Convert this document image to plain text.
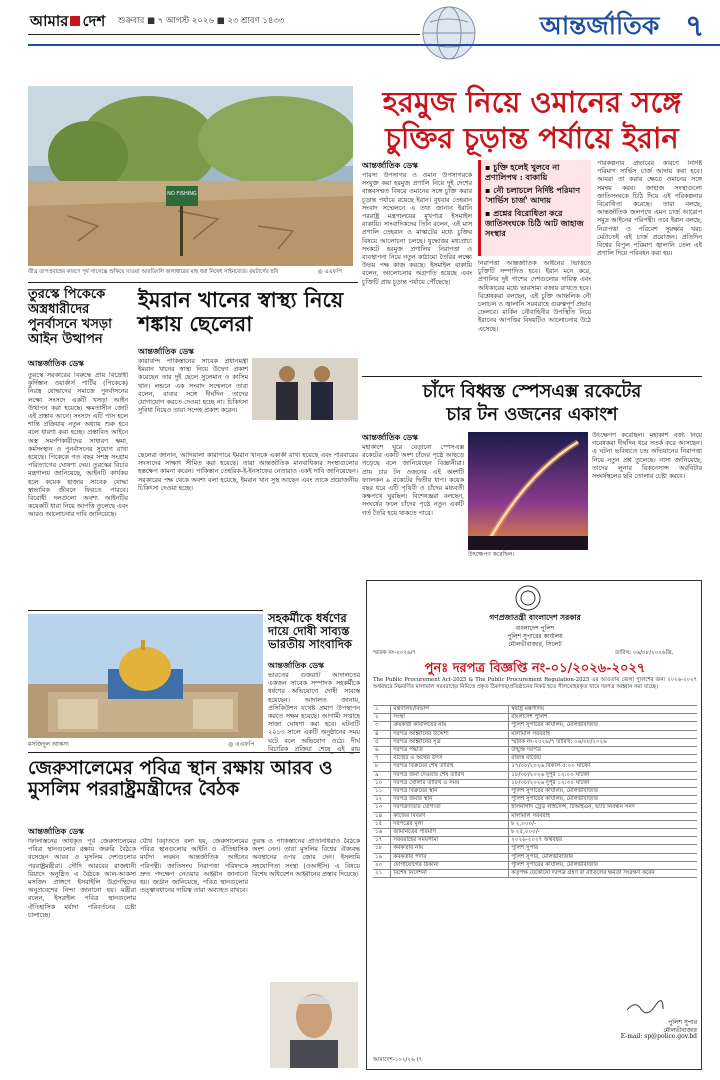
আমার দেশ শুক্রবার ■ ৭ আগস্ট ২০২৬ ■ ২৩ শ্রাবণ ১৪৩৩	আন্তর্জাতিক ৭
NO FISHING
তীব্র তাপপ্রবাহের কারণে পূর্ব সাসেক্সে শুকিয়ে যাওয়া আরডিংলি জলাধারের মাছ ধরা নিষেধ সাইনবোর্ড। রয়টার্সের ছবি	◎ এএফপি
হরমুজ নিয়ে ওমানের সঙ্গে
চুক্তির চূড়ান্ত পর্যায়ে ইরান
আন্তর্জাতিক ডেস্ক
পারস্য উপসাগর ও ওমান উপসাগরকে সংযুক্ত করা হরমুজ প্রণালি নিয়ে দুই দেশের বাস্তবসম্মত বিষয়ে ওমানের সঙ্গে চুক্তি করার চূড়ান্ত পর্যায়ে রয়েছে ইরান। বুধবার তেহরান সংবাদ সম্মেলনে এ তথ্য জানান ইরানি পররাষ্ট্র মন্ত্রণালয়ের মুখপাত্র ইসমাইল বাকায়ি। সাংবাদিকদের তিনি বলেন, এই মাস প্রণালি তেহরান ও মাস্কাটের মধ্যে চুক্তির বিষয়ে আলোচনা চলছে। যুদ্ধোত্তর মধ্যপ্রাচ্য সংকটে হরমুজ প্রণালির নিরাপত্তা ও ব্যবস্থাপনা নিয়ে নতুন কাঠামো তৈরির লক্ষ্যে উভয় পক্ষ কাজ করছে। ইসমাইল বাকায়ি বলেন, আলোচনার অগ্রগতি হয়েছে এবং চুক্তিটি প্রায় চূড়ান্ত পর্যায়ে পৌঁছেছে।
▪ চুক্তি হলেই খুলবে না প্রণালিপথ : বাকায়ি
▪ নৌ চলাচলে নির্দিষ্ট পরিমাণ 'সার্ভিস চার্জ' আদায়
▪ প্রশ্নের বিরোধিতা করে জাতিসংঘকে চিঠি আট জাহাজ সংস্থার
নিরাপত্তা আন্তর্জাতিক আইনের ভিত্তিতে চুক্তিটি সম্পাদিত হবে। ইরান মনে করে, প্রণালির দুই পাশের দেশগুলোর দায়িত্ব এবং অধিকারের মধ্যে ভারসাম্য বজায় রাখতে হবে। বিশ্লেষকরা বলছেন, এই চুক্তি আঞ্চলিক নৌ চলাচল ও জ্বালানি সরবরাহে গুরুত্বপূর্ণ প্রভাব ফেলবে। মার্কিন নৌবাহিনীর উপস্থিতি নিয়ে ইরানের আপত্তির বিষয়টিও আলোচনায় উঠে এসেছে।
পরিকল্পনার প্রভাবের কারণে নির্দিষ্ট পরিমাণ সার্ভিস চার্জ আদায় করা হবে। আমরা তা করার ক্ষেত্রে ওমানের সঙ্গে সমন্বয় করব। জাহাজ সংস্থাগুলো জাতিসংঘকে চিঠি দিয়ে এই পরিকল্পনার বিরোধিতা করেছে। তারা বলছে, আন্তর্জাতিক জলপথে এমন চার্জ আরোপ সমুদ্র আইনের পরিপন্থী। তবে ইরান বলছে, নিরাপত্তা ও পরিবেশ সুরক্ষার খরচ মেটাতেই এই চার্জ প্রয়োজন। প্রতিদিন বিশ্বের বিপুল পরিমাণ জ্বালানি তেল এই প্রণালি দিয়ে পরিবহন করা হয়।
তুরস্কে পিকেকে অস্ত্রধারীদের পুনর্বাসনে খসড়া আইন উত্থাপন
আন্তর্জাতিক ডেস্ক
তুরস্কে সরকারের বিরুদ্ধে প্রায় বিদ্রোহী কুর্দিস্তান ওয়ার্কার্স পার্টির (পিকেকে) নিরস্ত্র যোদ্ধাদের সমাজে পুনর্বাসনের লক্ষ্যে সংসদে একটি খসড়া আইন উত্থাপন করা হয়েছে। ক্ষমতাসীন জোট এই প্রস্তাব আনে। সংসদে এটি পাস হলে শান্তি প্রক্রিয়ায় নতুন অধ্যায় শুরু হবে বলে ধারণা করা হচ্ছে। প্রস্তাবিত আইনে অস্ত্র সমর্পণকারীদের সাধারণ ক্ষমা, কর্মসংস্থান ও পুনর্বাসনের সুযোগ রাখা হয়েছে। পিকেকে গত বছর সশস্ত্র সংগ্রাম পরিত্যাগের ঘোষণা দেয়। তুরস্কের বিচার মন্ত্রণালয় জানিয়েছে, আইনটি কার্যকর হলে কয়েক হাজার সাবেক যোদ্ধা স্বাভাবিক জীবনে ফিরতে পারবে। বিরোধী দলগুলো অবশ্য আইনটির কয়েকটি ধারা নিয়ে আপত্তি তুলেছে এবং আরও আলোচনার দাবি জানিয়েছে।
ইমরান খানের স্বাস্থ্য নিয়ে শঙ্কায় ছেলেরা
আন্তর্জাতিক ডেস্ক
কারাবন্দি পাকিস্তানের সাবেক প্রধানমন্ত্রী ইমরান খানের স্বাস্থ্য নিয়ে উদ্বেগ প্রকাশ করেছেন তার দুই ছেলে সুলেমান ও কাসিম খান। লন্ডনে এক সংবাদ সম্মেলনে তারা বলেন, বাবার সঙ্গে দীর্ঘদিন তাদের যোগাযোগ করতে দেওয়া হচ্ছে না। চিকিৎসা সুবিধা নিয়েও তারা সন্দেহ প্রকাশ করেন।
ছেলেরা জানান, আদিয়ালা কারাগারে ইমরান খানকে একাকী রাখা হয়েছে এবং পরিবারের সদস্যদের সাক্ষাৎ সীমিত করা হয়েছে। তারা আন্তর্জাতিক মানবাধিকার সংস্থাগুলোর হস্তক্ষেপ কামনা করেন। পাকিস্তান তেহরিক-ই-ইনসাফের নেতারাও একই দাবি জানিয়েছেন। সরকারের পক্ষ থেকে অবশ্য বলা হয়েছে, ইমরান খান সুস্থ আছেন এবং তাকে প্রয়োজনীয় চিকিৎসা দেওয়া হচ্ছে।
চাঁদে বিধ্বস্ত স্পেসএক্স রকেটের
চার টন ওজনের একাংশ
আন্তর্জাতিক ডেস্ক
মহাকাশে ঘুরে বেড়ানো স্পেসএক্স রকেটের একটি অংশ চাঁদের পৃষ্ঠে আছড়ে পড়েছে বলে জানিয়েছেন বিজ্ঞানীরা। প্রায় চার টন ওজনের এই অংশটি ফ্যালকন ৯ রকেটের দ্বিতীয় ধাপ। কয়েক বছর ধরে এটি পৃথিবী ও চাঁদের মধ্যবর্তী কক্ষপথে ঘুরছিল। বিশেষজ্ঞরা বলছেন, সংঘর্ষের ফলে চাঁদের পৃষ্ঠে নতুন একটি গর্ত তৈরি হয়ে থাকতে পারে।
উৎক্ষেপণ করেছিল।
উৎক্ষেপণ করেছিল। মহাকাশ বর্জ্য নিয়ে গবেষকরা দীর্ঘদিন ধরে সতর্ক করে আসছেন। এ ঘটনা ভবিষ্যতে চন্দ্র অভিযানের নিরাপত্তা নিয়ে নতুন প্রশ্ন তুলেছে। নাসা জানিয়েছে, তাদের লুনার রিকনেসান্স অরবিটার সংঘর্ষস্থলের ছবি তোলার চেষ্টা করবে।
মসজিদুল আকসা	◎ এএফপি
সহকর্মীকে ধর্ষণের দায়ে দোষী সাব্যস্ত ভারতীয় সাংবাদিক
আন্তর্জাতিক ডেস্ক
ভারতের গুজরাট আদালতের একজন সাবেক সম্পাদক সহকর্মীকে ধর্ষণের অভিযোগে দোষী সাব্যস্ত হয়েছেন। আদালত জানায়, প্রসিকিউশন যথেষ্ট প্রমাণ উপস্থাপন করতে সক্ষম হয়েছে। আগামী সপ্তাহে সাজা ঘোষণা করা হবে। ঘটনাটি ২০১৩ সালে একটি অনুষ্ঠানের সময় ঘটে বলে অভিযোগ ওঠে। দীর্ঘ বিচারিক প্রক্রিয়া শেষে এই রায়
জেরুসালেমের পবিত্র স্থান রক্ষায় আরব ও মুসলিম পররাষ্ট্রমন্ত্রীদের বৈঠক
আন্তর্জাতিক ডেস্ক
ফিলিস্তিনের অধিকৃত পূর্ব জেরুসালেমের পবিত্র স্থানগুলোর রক্ষায় জরুরি বৈঠকে বসেছেন আরব ও মুসলিম দেশগুলোর পররাষ্ট্রমন্ত্রীরা। সৌদি আরবের রাজধানী রিয়াদে অনুষ্ঠিত এ বৈঠকে আল-আকসা মসজিদ প্রাঙ্গণে ইসরাইলি উগ্রপন্থিদের অনুপ্রবেশের নিন্দা জানানো হয়। মন্ত্রীরা বলেন, ইসরাইল পবিত্র স্থানগুলোর ঐতিহাসিক মর্যাদা পরিবর্তনের চেষ্টা চালাচ্ছে।
যৌথ বিবৃতিতে বলা হয়, জেরুসালেমের পবিত্র স্থানগুলোর আইনি ও ঐতিহাসিক মর্যাদা লঙ্ঘন আন্তর্জাতিক আইনের পরিপন্থী। জাতিসংঘ নিরাপত্তা পরিষদকে দ্রুত পদক্ষেপ নেওয়ার আহ্বান জানানো হয়। জর্ডান জানিয়েছে, পবিত্র স্থানগুলোর তত্ত্বাবধানের দায়িত্ব তারা অব্যাহত রাখবে।
তুরস্ক ও পাকিস্তানের প্রতিনিধিরাও বৈঠকে অংশ নেন। তারা মুসলিম বিশ্বের ঐক্যবদ্ধ অবস্থানের ওপর জোর দেন। ইসলামি সহযোগিতা সংস্থা (ওআইসি) এ বিষয়ে বিশেষ অধিবেশন আহ্বানের প্রস্তাব দিয়েছে।
গণপ্রজাতন্ত্রী বাংলাদেশ সরকার
বাংলাদেশ পুলিশ
পুলিশ সুপারের কার্যালয়
মৌলভীবাজার, সিলেট
স্মারক নং-২০২৬/৭	তারিখ: ০৬/০৮/২০২৬খ্রি.
পুনঃ দরপত্র বিজ্ঞপ্তি নং-০১/২০২৬-২০২৭
The Public Procurement Act-2025 & The Public Procurement Regulation-2025 এর আওতায় জেলা পুলিশের জন্য ২০২৬-২০২৭ অর্থবছরে নিম্নবর্ণিত মালামাল সরবরাহের নিমিত্তে প্রকৃত ঠিকাদার/প্রতিষ্ঠানের নিকট হতে সীলমোহরকৃত খামে দরপত্র আহ্বান করা যাচ্ছে।
১	মন্ত্রণালয়/বিভাগ	স্বরাষ্ট্র মন্ত্রণালয়
২	সংস্থা	বাংলাদেশ পুলিশ
৩	ক্রয়কারী কার্যালয়ের নাম	পুলিশ সুপারের কার্যালয়, মৌলভীবাজার
৪	দরপত্র আহ্বানের উদ্দেশ্য	মালামাল সরবরাহ
৫	দরপত্র আহ্বানের সূত্র	স্মারক নং-২০২৬/৭ তারিখ: ০৬/০৮/২০২৬
৬	দরপত্র পদ্ধতি	উন্মুক্ত দরপত্র
৭	বাজেট ও অর্থের উৎস	রাজস্ব বাজেট
৮	দরপত্র বিক্রয়ের শেষ তারিখ	১৭/০৮/২০২৬ বিকাল ৫:০০ ঘটিকা
৯	দরপত্র জমা দেওয়ার শেষ তারিখ	১৮/০৮/২০২৬ দুপুর ১২:০০ ঘটিকা
১০	দরপত্র খোলার তারিখ ও সময়	১৮/০৮/২০২৬ দুপুর ১২:৩০ ঘটিকা
১১	দরপত্র বিক্রয়ের স্থান	পুলিশ সুপারের কার্যালয়, মৌলভীবাজার
১২	দরপত্র জমার স্থান	পুলিশ সুপারের কার্যালয়, মৌলভীবাজার
১৩	দরপত্রদাতার যোগ্যতা	হালনাগাদ ট্রেড লাইসেন্স, টিআইএন, ভ্যাট নিবন্ধন সনদ
১৪	কাজের বিবরণ	মালামাল সরবরাহ
১৫	দরপত্রের মূল্য	৳ ২,০০০/-
১৬	জামানতের পরিমাণ	৳ ২৫,০০০/-
১৭	সরবরাহের সময়সীমা	২০২৬-২০২৭ অর্থবছর
১৮	কর্মকর্তার নাম	পুলিশ সুপার
১৯	কর্মকর্তার পদবি	পুলিশ সুপার, মৌলভীবাজার
২০	যোগাযোগের ঠিকানা	পুলিশ সুপারের কার্যালয়, মৌলভীবাজার
২১	বিশেষ নির্দেশনা	কর্তৃপক্ষ যেকোনো দরপত্র গ্রহণ বা বাতিলের ক্ষমতা সংরক্ষণ করেন
পুলিশ সুপার
মৌলভীবাজার
E-mail: sp@police.gov.bd
আমাদেশ-১০২/২৬ (৭
